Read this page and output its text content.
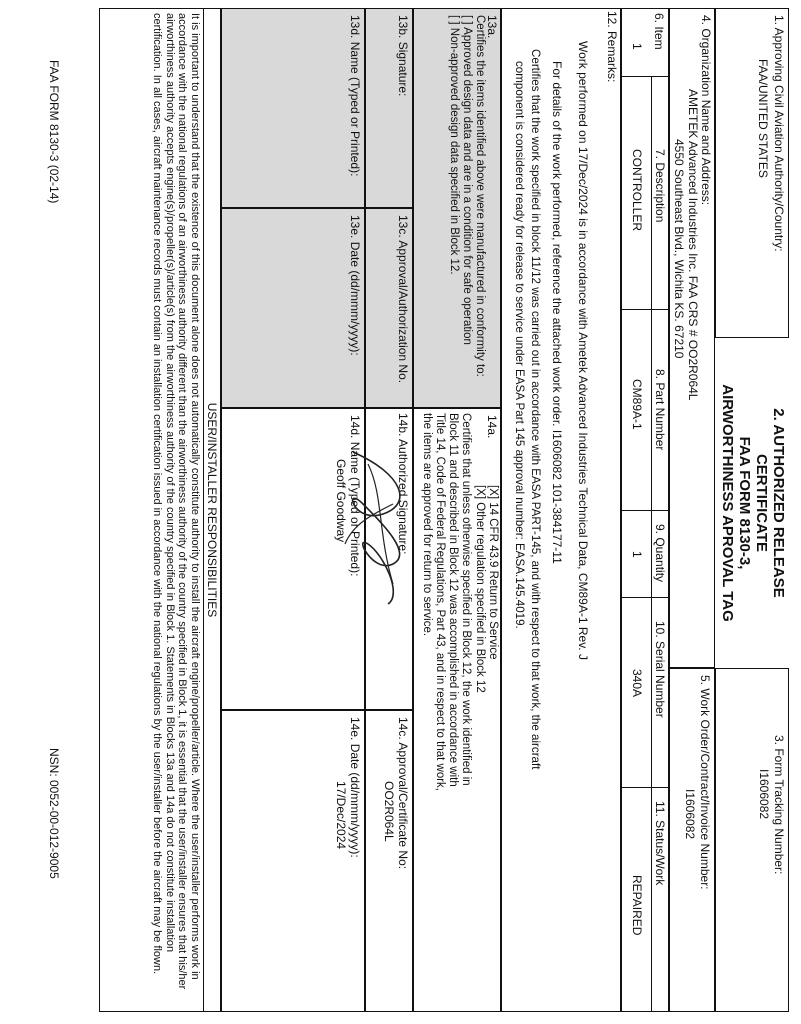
1. Approving Civil Aviation Authority/Country:
FAA/UNITED STATES
2. AUTHORIZED RELEASE
CERTIFICATE
FAA FORM 8130-3,
AIRWORTHINESS APROVAL TAG
3. Form Tracking Number:
I1606082
4. Organization Name and Address:
AMETEK Advanced Industries Inc. FAA CRS # OO2R064L
4550 Southeast Blvd., Wichita KS. 67210
5. Work Order/Contract/Invoice Number:
I1606082
6. Item
7. Description
8. Part Number
9. Quantity
10. Serial Number
11. Status/Work
1
CONTROLLER
CM89A-1
1
340A
REPAIRED
12. Remarks:
Work performed on 17/Dec/2024 is in accordance with Ametek Advanced Industries Technical Data, CM89A-1 Rev. J
For details of the work performed, reference the attached work order. I1606082 101-384177-11
Certifies that the work specified in block 11/12 was carried out in accordance with EASA PART-145, and with respect to that work, the aircraft
component is considered ready for release to service under EASA Part 145 approval number: EASA.145.4019.
13a.
Certifies the items identified above were manufactured in conformity to:
[ ] Approved design data and are in a condition for safe operation
[ ] Non-approved design data specified in Block 12.
14a.
[X] 14 CFR 43.9 Return to Service
[X] Other regulation specified in Block 12
Certifies that unless otherwise specified in Block 12, the work identified in
Block 11 and described in Block 12 was accomplished in accordance with
Title 14, Code of Federal Regulations, Part 43, and in respect to that work,
the items are approved for return to service.
13b. Signature:
13c. Approval/Authorization No.
14b. Authorized Signature:
14c. Approval/Certificate No:
OO2R064L
13d. Name (Typed or Printed):
13e. Date (dd/mmm/yyyy):
14d. Name (Typed or Printed):
Geoff Goodway
14e. Date (dd/mmm/yyyy):
17/Dec/2024
USER/INSTALLER RESPONSIBILITIES
It is important to understand that the existence of this document alone does not automatically constitute authority to install the aircraft engine/propeller/article. Where the user/installer performs work in accordance with the national regulations of an airworthiness authority different than the airworthiness authority of the country specified in Block 1, it is essential that the user/installer ensures that his/her airworthiness authority accepts engine(s)/propeller(s)/article(s) from the airworthiness authority of the country specified in Block 1. Statements in Blocks 13a and 14a do not constitute installation certification. In all cases, aircraft maintenance records must contain an installation certification issued in accordance with the national regulations by the user/installer before the aircraft may be flown.
FAA FORM 8130-3 (02-14)
NSN: 0052-00-012-9005
